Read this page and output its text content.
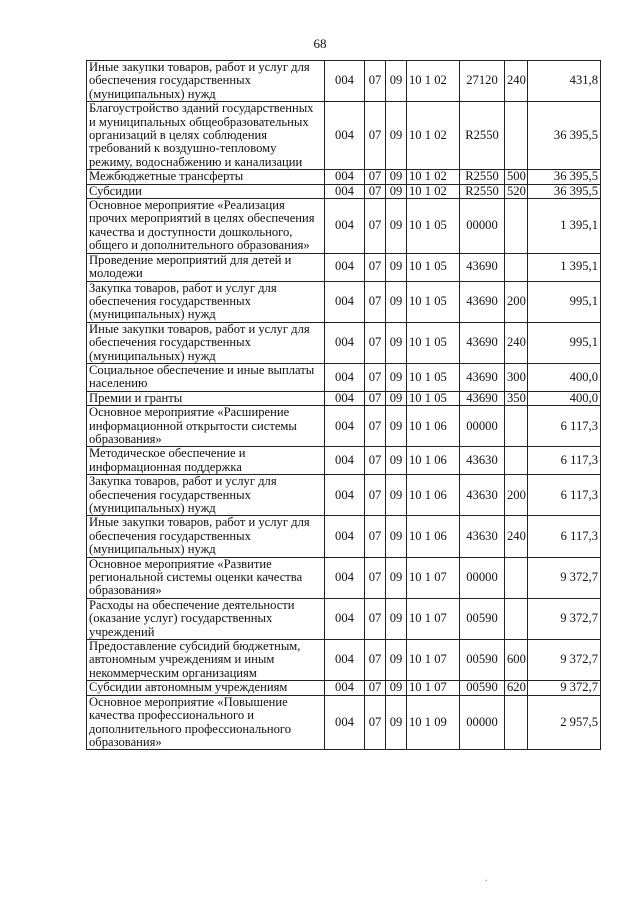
68
Иные закупки товаров, работ и услуг для обеспечения государственных (муниципальных) нужд	004	07	09	10 1 02	27120	240	431,8
Благоустройство зданий государственных и муниципальных общеобразовательных организаций в целях соблюдения требований к воздушно-тепловому режиму, водоснабжению и канализации	004	07	09	10 1 02	R2550		36 395,5
Межбюджетные трансферты	004	07	09	10 1 02	R2550	500	36 395,5
Субсидии	004	07	09	10 1 02	R2550	520	36 395,5
Основное мероприятие «Реализация прочих мероприятий в целях обеспечения качества и доступности дошкольного, общего и дополнительного образования»	004	07	09	10 1 05	00000		1 395,1
Проведение мероприятий для детей и молодежи	004	07	09	10 1 05	43690		1 395,1
Закупка товаров, работ и услуг для обеспечения государственных (муниципальных) нужд	004	07	09	10 1 05	43690	200	995,1
Иные закупки товаров, работ и услуг для обеспечения государственных (муниципальных) нужд	004	07	09	10 1 05	43690	240	995,1
Социальное обеспечение и иные выплаты населению	004	07	09	10 1 05	43690	300	400,0
Премии и гранты	004	07	09	10 1 05	43690	350	400,0
Основное мероприятие «Расширение информационной открытости системы образования»	004	07	09	10 1 06	00000		6 117,3
Методическое обеспечение и информационная поддержка	004	07	09	10 1 06	43630		6 117,3
Закупка товаров, работ и услуг для обеспечения государственных (муниципальных) нужд	004	07	09	10 1 06	43630	200	6 117,3
Иные закупки товаров, работ и услуг для обеспечения государственных (муниципальных) нужд	004	07	09	10 1 06	43630	240	6 117,3
Основное мероприятие «Развитие региональной системы оценки качества образования»	004	07	09	10 1 07	00000		9 372,7
Расходы на обеспечение деятельности (оказание услуг) государственных учреждений	004	07	09	10 1 07	00590		9 372,7
Предоставление субсидий бюджетным, автономным учреждениям и иным некоммерческим организациям	004	07	09	10 1 07	00590	600	9 372,7
Субсидии автономным учреждениям	004	07	09	10 1 07	00590	620	9 372,7
Основное мероприятие «Повышение качества профессионального и дополнительного профессионального образования»	004	07	09	10 1 09	00000		2 957,5
.
